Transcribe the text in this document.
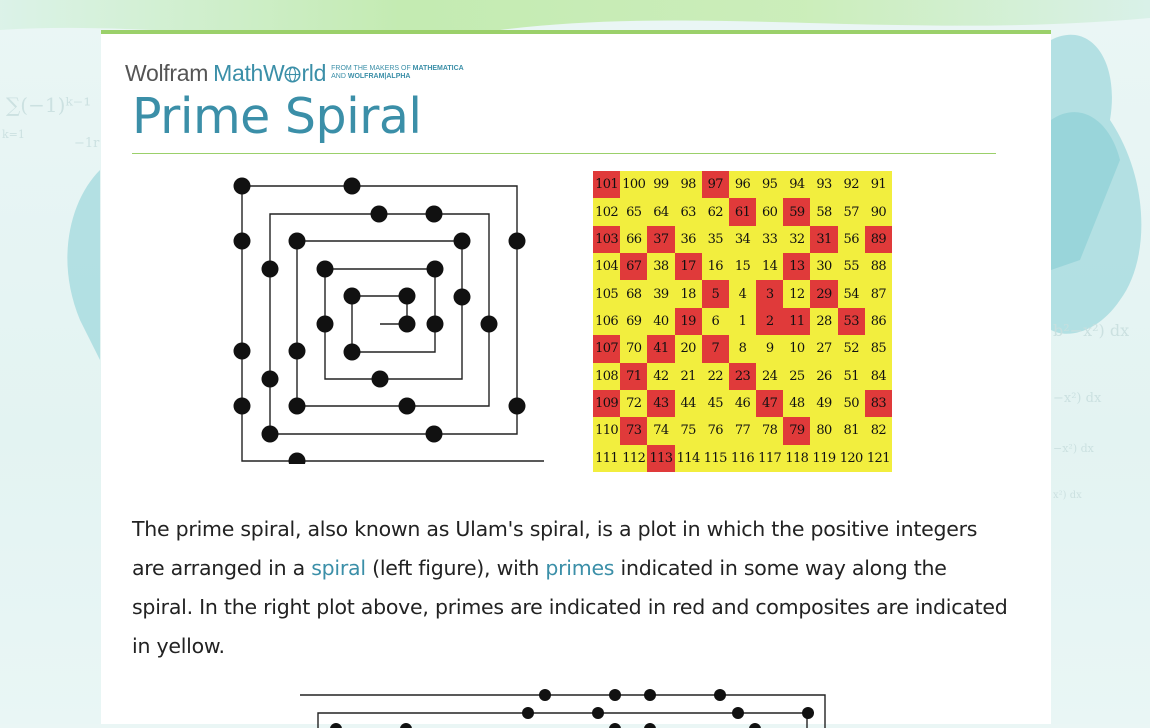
∑(−1)ᵏ⁻¹
k=1
−1r
b²−x²) dx
−x²) dx
−x²) dx
x²) dx
Wolfram MathW rld FROM THE MAKERS OF MATHEMATICA
AND WOLFRAM|ALPHA
Prime Spiral
101 100 99 98 97 96 95 94 93 92 91
102 65 64 63 62 61 60 59 58 57 90
103 66 37 36 35 34 33 32 31 56 89
104 67 38 17 16 15 14 13 30 55 88
105 68 39 18	5	4	3	12 29 54 87
106 69 40 19	6	1	2	11 28 53 86
107 70 41 20	7	8	9	10 27 52 85
108 71 42 21 22 23 24 25 26 51 84
109 72 43 44 45 46 47 48 49 50 83
110 73 74 75 76 77 78 79 80 81 82
111 112 113 114 115 116 117 118 119 120 121

The prime spiral, also known as Ulam's spiral, is a plot in which the positive integers are arranged in a spiral (left figure), with primes indicated in some way along the spiral. In the right plot above, primes are indicated in red and composites are indicated in yellow.
